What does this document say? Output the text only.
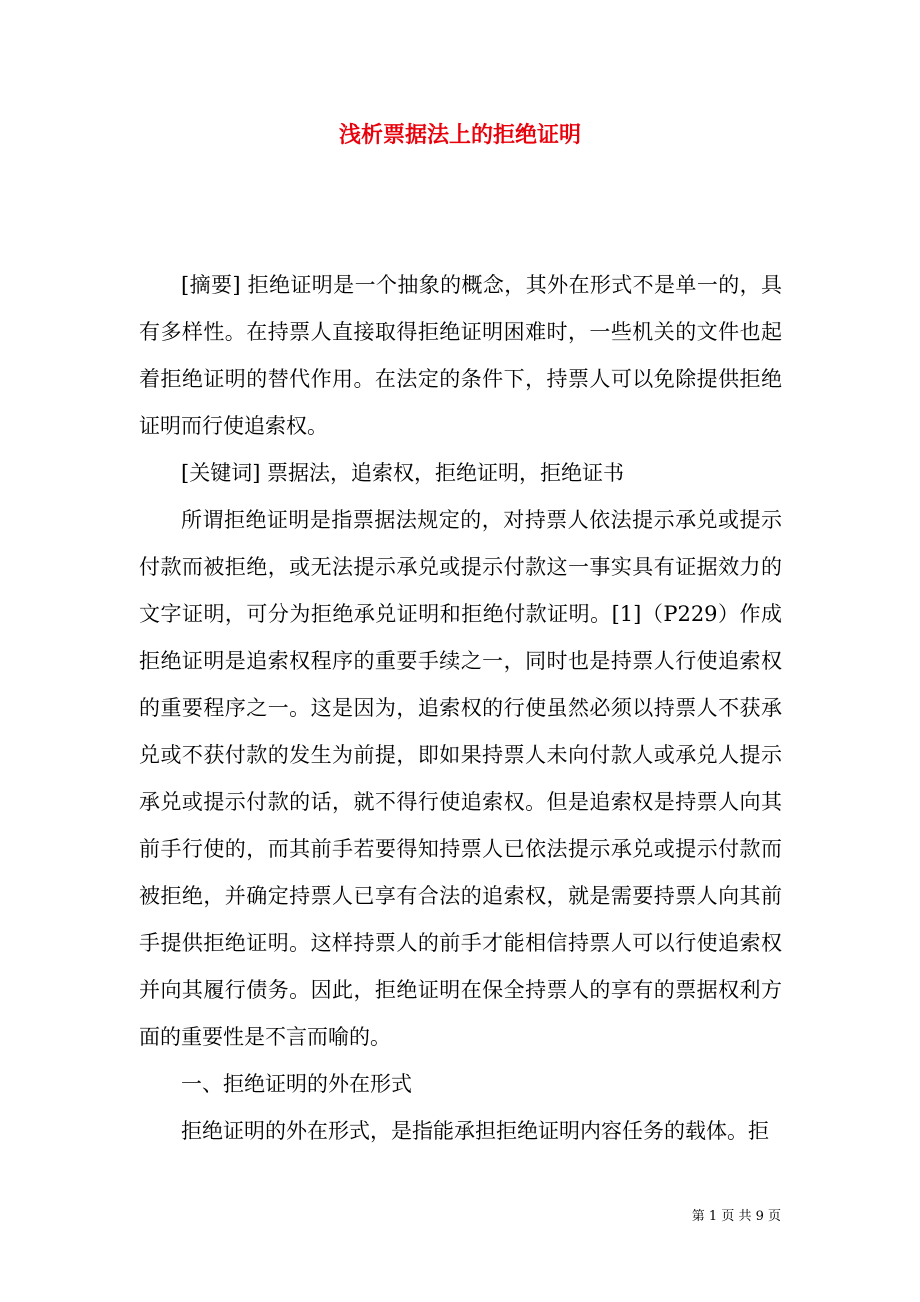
浅析票据法上的拒绝证明

[摘要] 拒绝证明是一个抽象的概念，其外在形式不是单一的，具有多样性。在持票人直接取得拒绝证明困难时，一些机关的文件也起着拒绝证明的替代作用。在法定的条件下，持票人可以免除提供拒绝证明而行使追索权。

[关键词] 票据法，追索权，拒绝证明，拒绝证书

所谓拒绝证明是指票据法规定的，对持票人依法提示承兑或提示付款而被拒绝，或无法提示承兑或提示付款这一事实具有证据效力的文字证明，可分为拒绝承兑证明和拒绝付款证明。[1]（P229）作成拒绝证明是追索权程序的重要手续之一，同时也是持票人行使追索权的重要程序之一。这是因为，追索权的行使虽然必须以持票人不获承兑或不获付款的发生为前提，即如果持票人未向付款人或承兑人提示承兑或提示付款的话，就不得行使追索权。但是追索权是持票人向其前手行使的，而其前手若要得知持票人已依法提示承兑或提示付款而被拒绝，并确定持票人已享有合法的追索权，就是需要持票人向其前手提供拒绝证明。这样持票人的前手才能相信持票人可以行使追索权并向其履行债务。因此，拒绝证明在保全持票人的享有的票据权利方面的重要性是不言而喻的。

一、拒绝证明的外在形式

拒绝证明的外在形式，是指能承担拒绝证明内容任务的载体。拒

第 1 页 共 9 页
